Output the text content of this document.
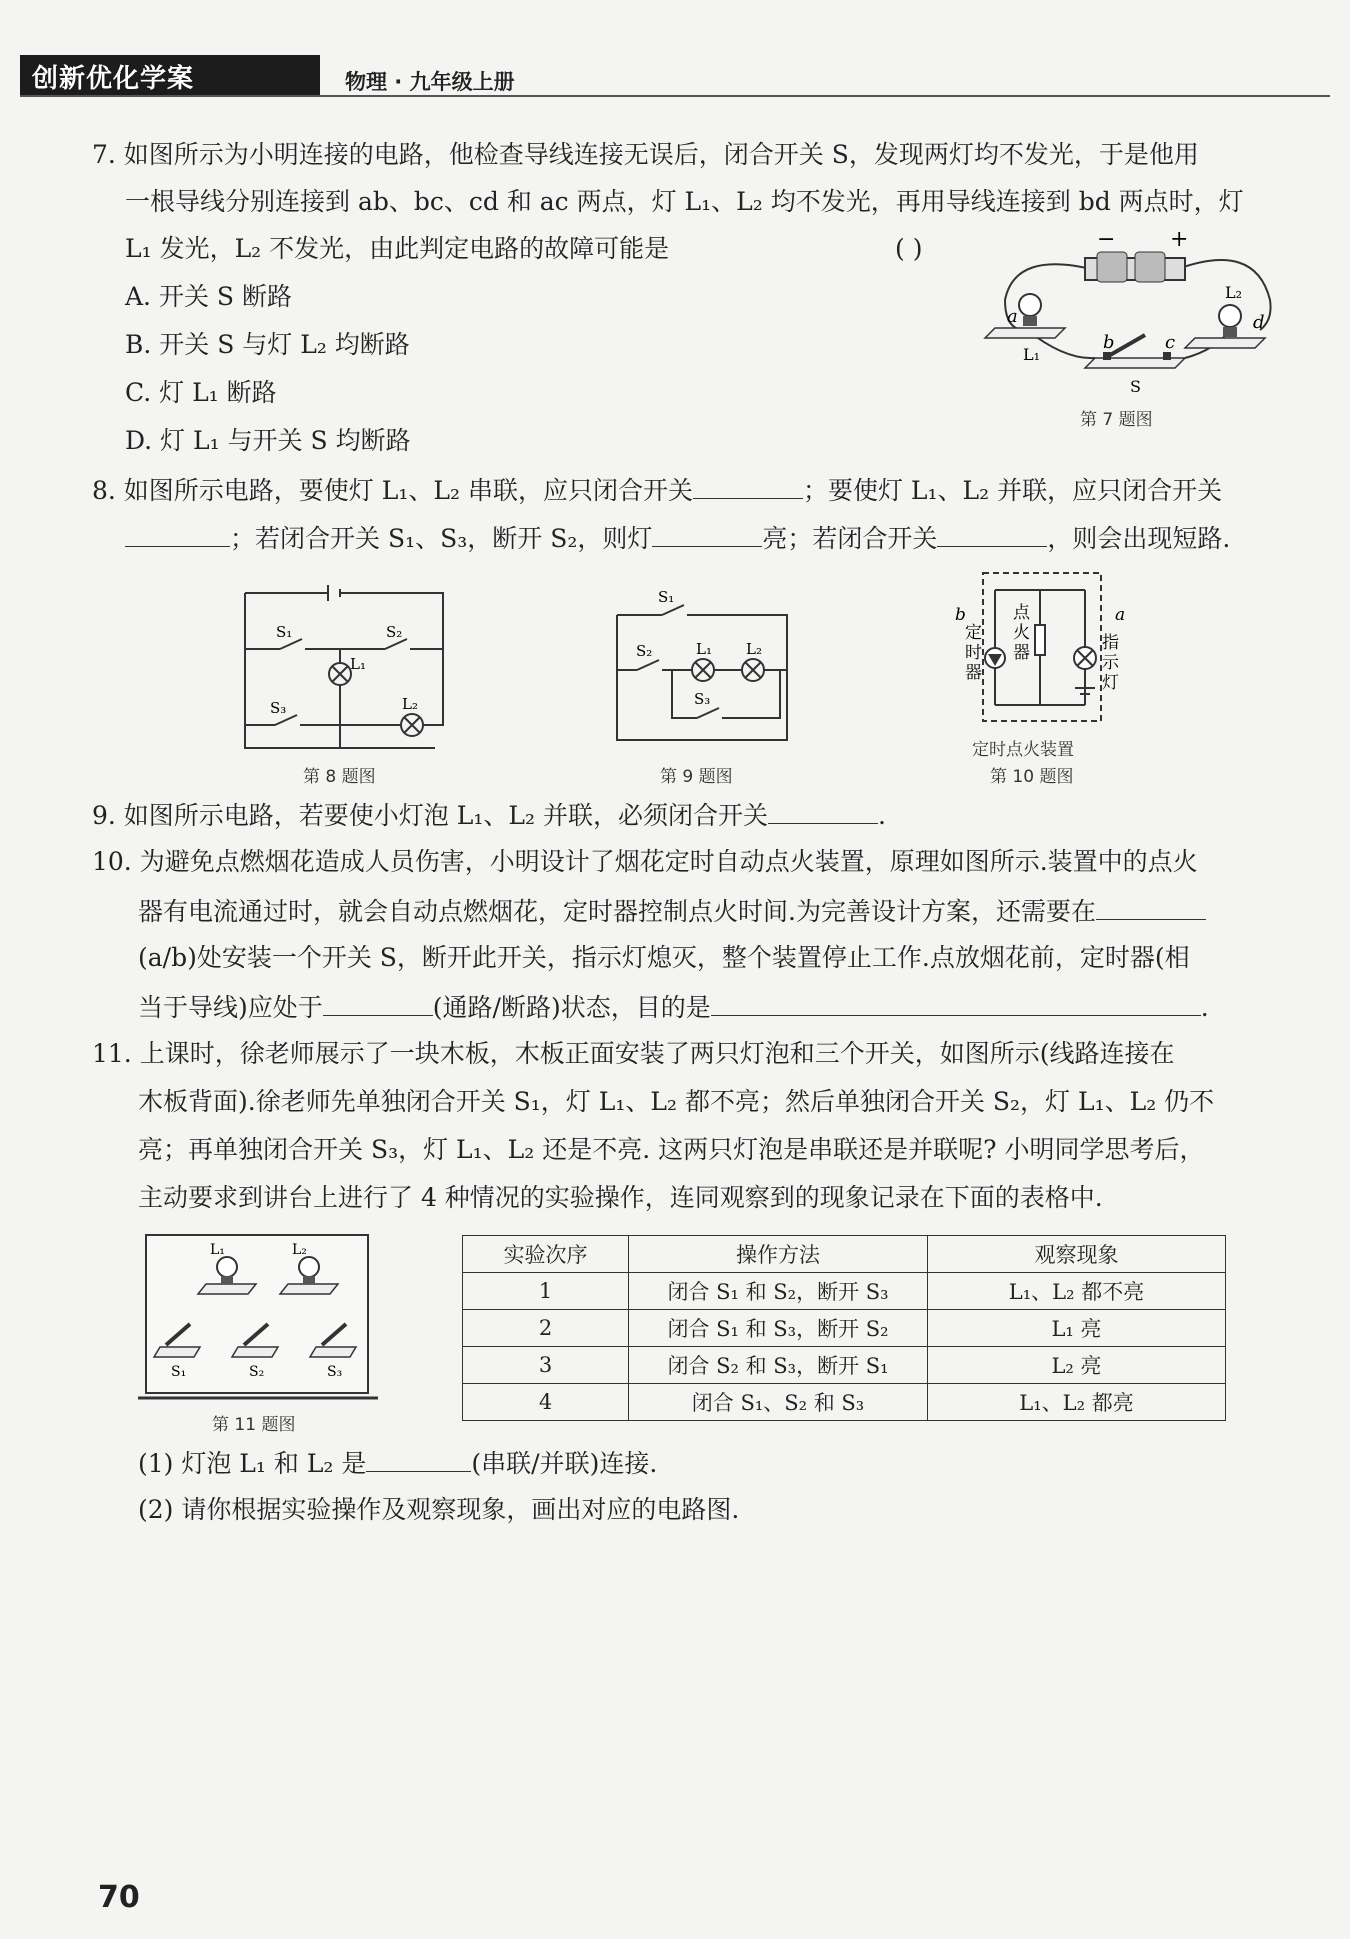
创新优化学案	物理 · 九年级上册
7. 如图所示为小明连接的电路，他检查导线连接无误后，闭合开关 S，发现两灯均不发光，于是他用
一根导线分别连接到 ab、bc、cd 和 ac 两点，灯 L₁、L₂ 均不发光，再用导线连接到 bd 两点时，灯
L₁ 发光，L₂ 不发光，由此判定电路的故障可能是	( )
A. 开关 S 断路
B. 开关 S 与灯 L₂ 均断路
C. 灯 L₁ 断路
D. 灯 L₁ 与开关 S 均断路
− +
a
b	c
d
L₁
L₂
S
第 7 题图
8. 如图所示电路，要使灯 L₁、L₂ 串联，应只闭合开关	；要使灯 L₁、L₂ 并联，应只闭合开关
；若闭合开关 S₁、S₃，断开 S₂，则灯	亮；若闭合开关	，则会出现短路.
S₁	S₂
S₃
L₁
L₂
第 8 题图
S₁
S₂
S₃
L₁ L₂
第 9 题图
b	a
定时器
点火器	指示灯
定时点火装置
第 10 题图
9. 如图所示电路，若要使小灯泡 L₁、L₂ 并联，必须闭合开关	.
10. 为避免点燃烟花造成人员伤害，小明设计了烟花定时自动点火装置，原理如图所示.装置中的点火
器有电流通过时，就会自动点燃烟花，定时器控制点火时间.为完善设计方案，还需要在
(a/b)处安装一个开关 S，断开此开关，指示灯熄灭，整个装置停止工作.点放烟花前，定时器(相
当于导线)应处于	(通路/断路)状态，目的是	.
11. 上课时，徐老师展示了一块木板，木板正面安装了两只灯泡和三个开关，如图所示(线路连接在
木板背面).徐老师先单独闭合开关 S₁，灯 L₁、L₂ 都不亮；然后单独闭合开关 S₂，灯 L₁、L₂ 仍不
亮；再单独闭合开关 S₃，灯 L₁、L₂ 还是不亮. 这两只灯泡是串联还是并联呢? 小明同学思考后，
主动要求到讲台上进行了 4 种情况的实验操作，连同观察到的现象记录在下面的表格中.
L₁	L₂
S₁	S₂	S₃
第 11 题图
实验次序	操作方法	观察现象
1	闭合 S₁ 和 S₂，断开 S₃	L₁、L₂ 都不亮
2	闭合 S₁ 和 S₃，断开 S₂	L₁ 亮
3	闭合 S₂ 和 S₃，断开 S₁	L₂ 亮
4	闭合 S₁、S₂ 和 S₃	L₁、L₂ 都亮
(1) 灯泡 L₁ 和 L₂ 是	(串联/并联)连接.
(2) 请你根据实验操作及观察现象，画出对应的电路图.
70
